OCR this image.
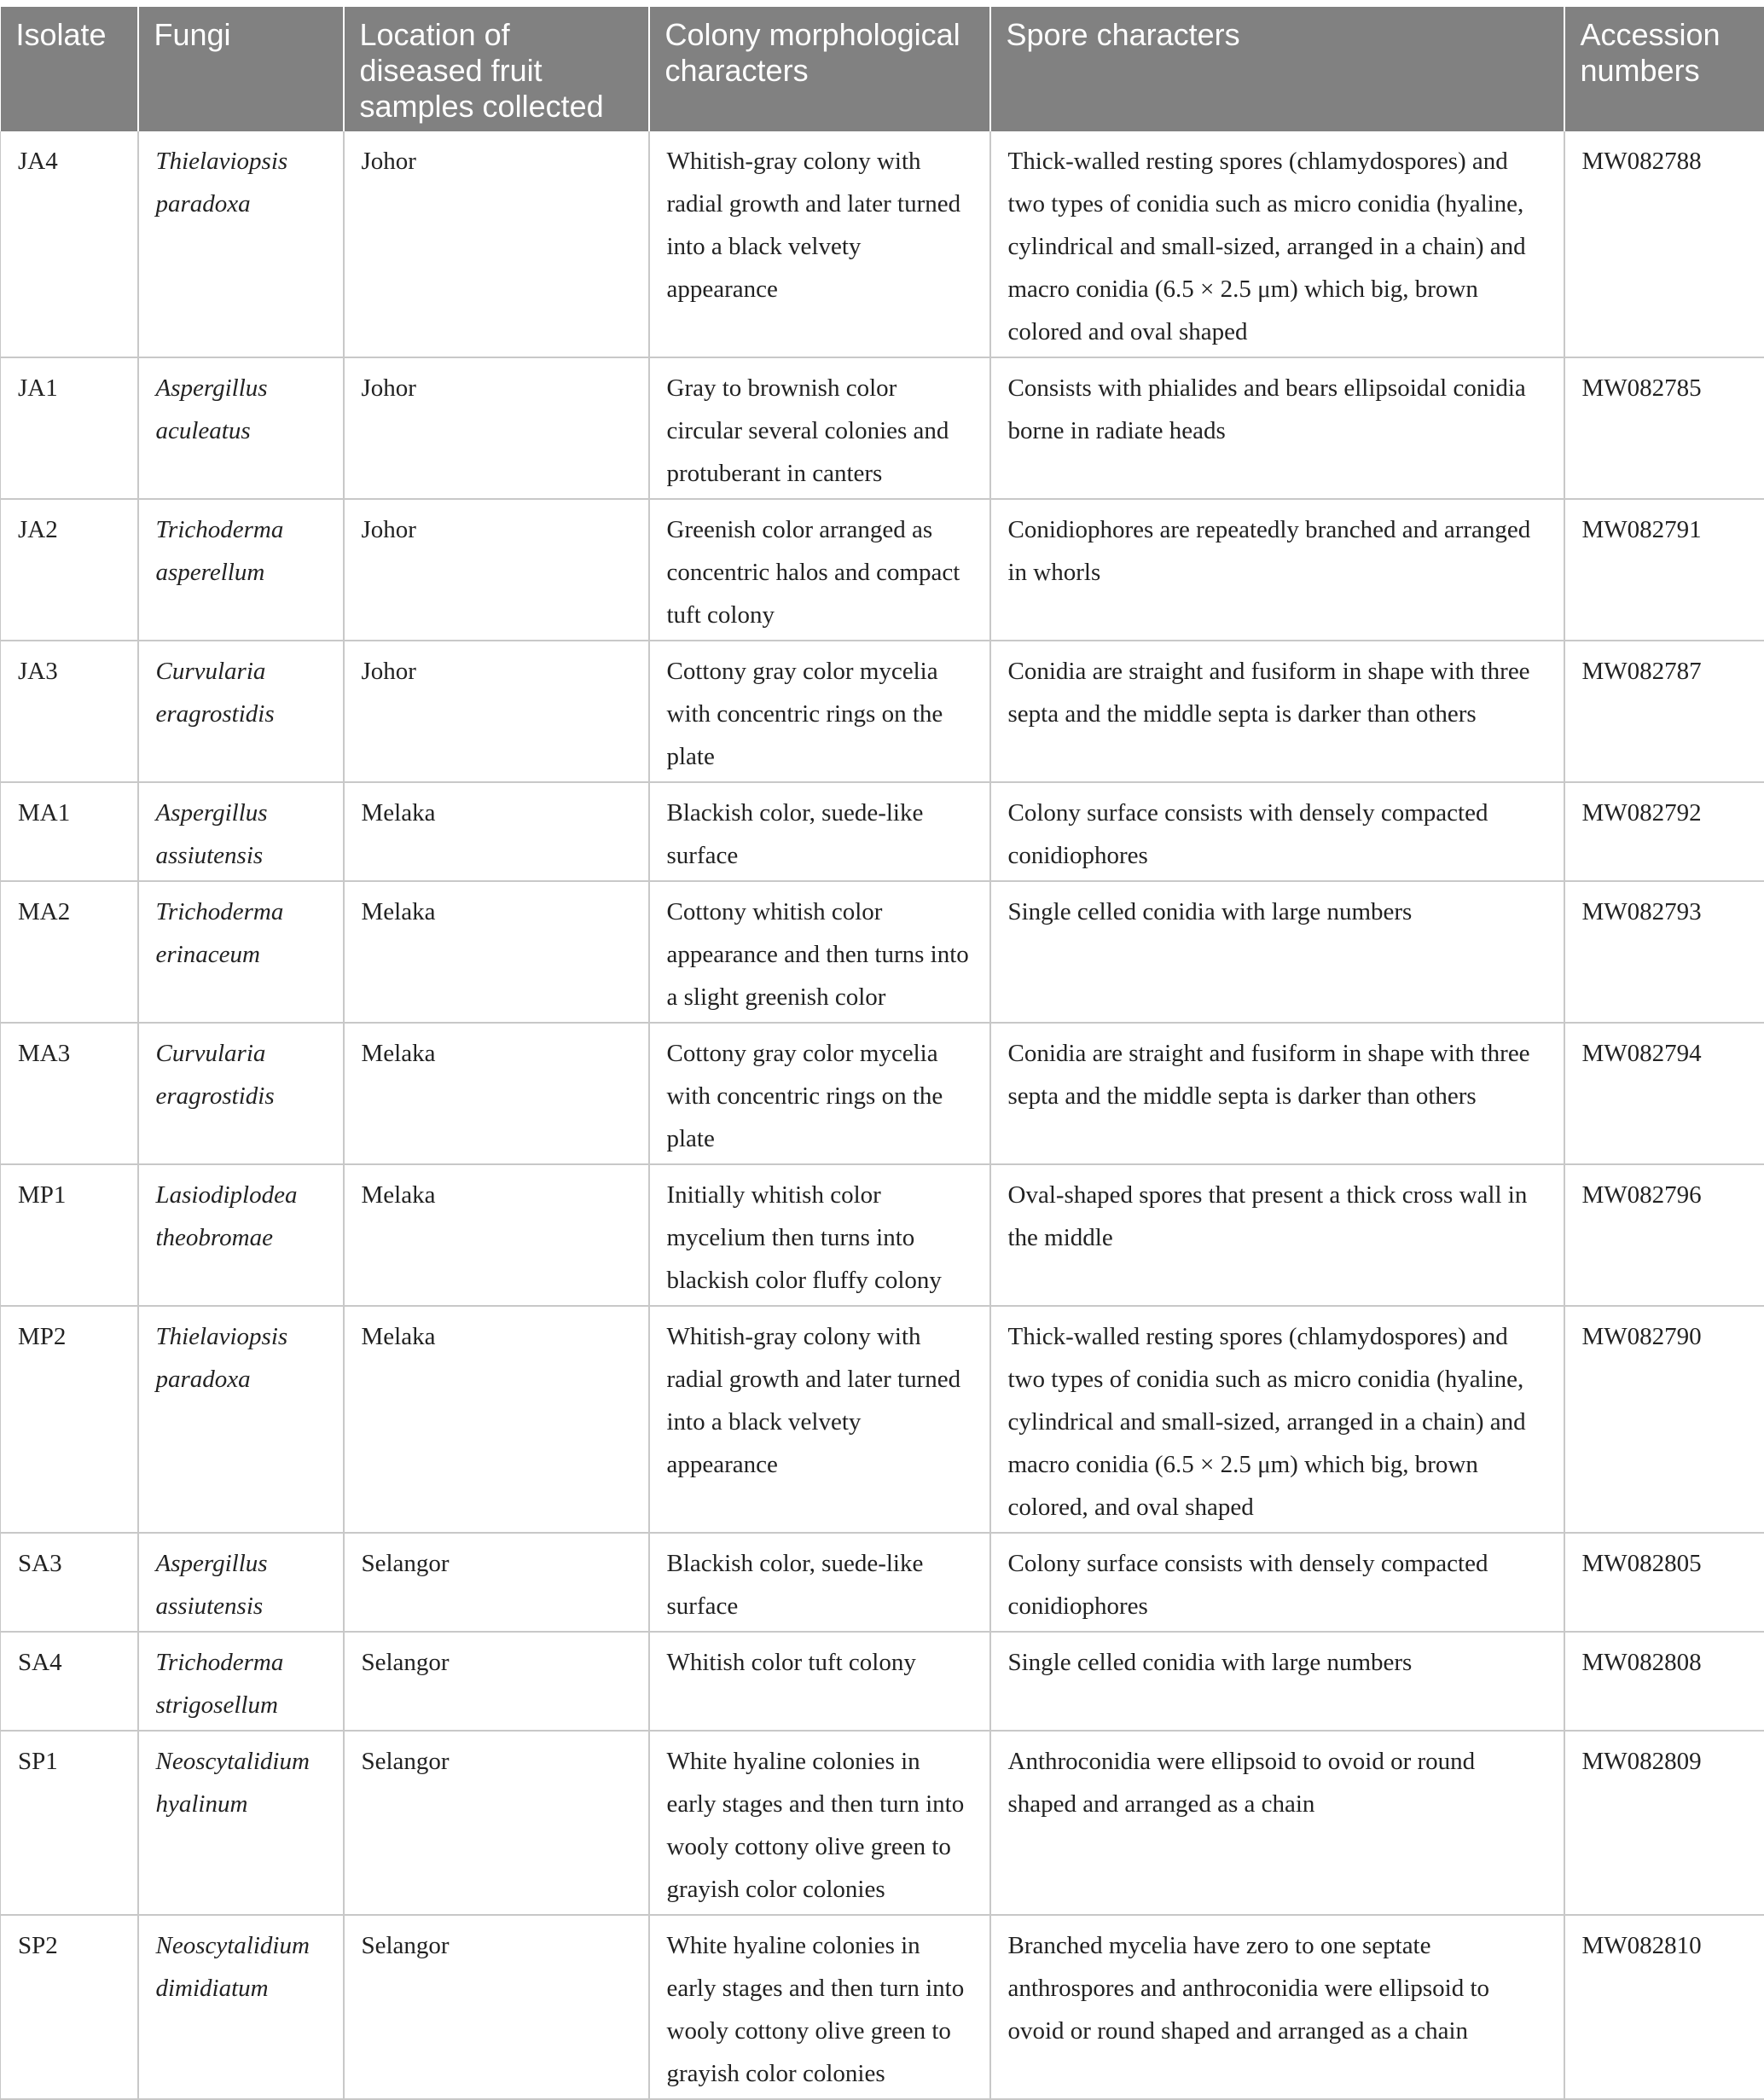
Isolate	Fungi	Location of diseased fruit samples collected	Colony morphological characters	Spore characters	Accession numbers
JA4	Thielaviopsis paradoxa	Johor	Whitish-gray colony with radial growth and later turned into a black velvety appearance	Thick-walled resting spores (chlamydospores) and two types of conidia such as micro conidia (hyaline, cylindrical and small-sized, arranged in a chain) and macro conidia (6.5 × 2.5 μm) which big, brown colored and oval shaped	MW082788
JA1	Aspergillus aculeatus	Johor	Gray to brownish color circular several colonies and protuberant in canters	Consists with phialides and bears ellipsoidal conidia borne in radiate heads	MW082785
JA2	Trichoderma asperellum	Johor	Greenish color arranged as concentric halos and compact tuft colony	Conidiophores are repeatedly branched and arranged in whorls	MW082791
JA3	Curvularia eragrostidis	Johor	Cottony gray color mycelia with concentric rings on the plate	Conidia are straight and fusiform in shape with three septa and the middle septa is darker than others	MW082787
MA1	Aspergillus assiutensis	Melaka	Blackish color, suede-like surface	Colony surface consists with densely compacted conidiophores	MW082792
MA2	Trichoderma erinaceum	Melaka	Cottony whitish color appearance and then turns into a slight greenish color	Single celled conidia with large numbers	MW082793
MA3	Curvularia eragrostidis	Melaka	Cottony gray color mycelia with concentric rings on the plate	Conidia are straight and fusiform in shape with three septa and the middle septa is darker than others	MW082794
MP1	Lasiodiplodea theobromae	Melaka	Initially whitish color mycelium then turns into blackish color fluffy colony	Oval-shaped spores that present a thick cross wall in the middle	MW082796
MP2	Thielaviopsis paradoxa	Melaka	Whitish-gray colony with radial growth and later turned into a black velvety appearance	Thick-walled resting spores (chlamydospores) and two types of conidia such as micro conidia (hyaline, cylindrical and small-sized, arranged in a chain) and macro conidia (6.5 × 2.5 μm) which big, brown colored, and oval shaped	MW082790
SA3	Aspergillus assiutensis	Selangor	Blackish color, suede-like surface	Colony surface consists with densely compacted conidiophores	MW082805
SA4	Trichoderma strigosellum	Selangor	Whitish color tuft colony	Single celled conidia with large numbers	MW082808
SP1	Neoscytalidium hyalinum	Selangor	White hyaline colonies in early stages and then turn into wooly cottony olive green to grayish color colonies	Anthroconidia were ellipsoid to ovoid or round shaped and arranged as a chain	MW082809
SP2	Neoscytalidium dimidiatum	Selangor	White hyaline colonies in early stages and then turn into wooly cottony olive green to grayish color colonies	Branched mycelia have zero to one septate anthrospores and anthroconidia were ellipsoid to ovoid or round shaped and arranged as a chain	MW082810
